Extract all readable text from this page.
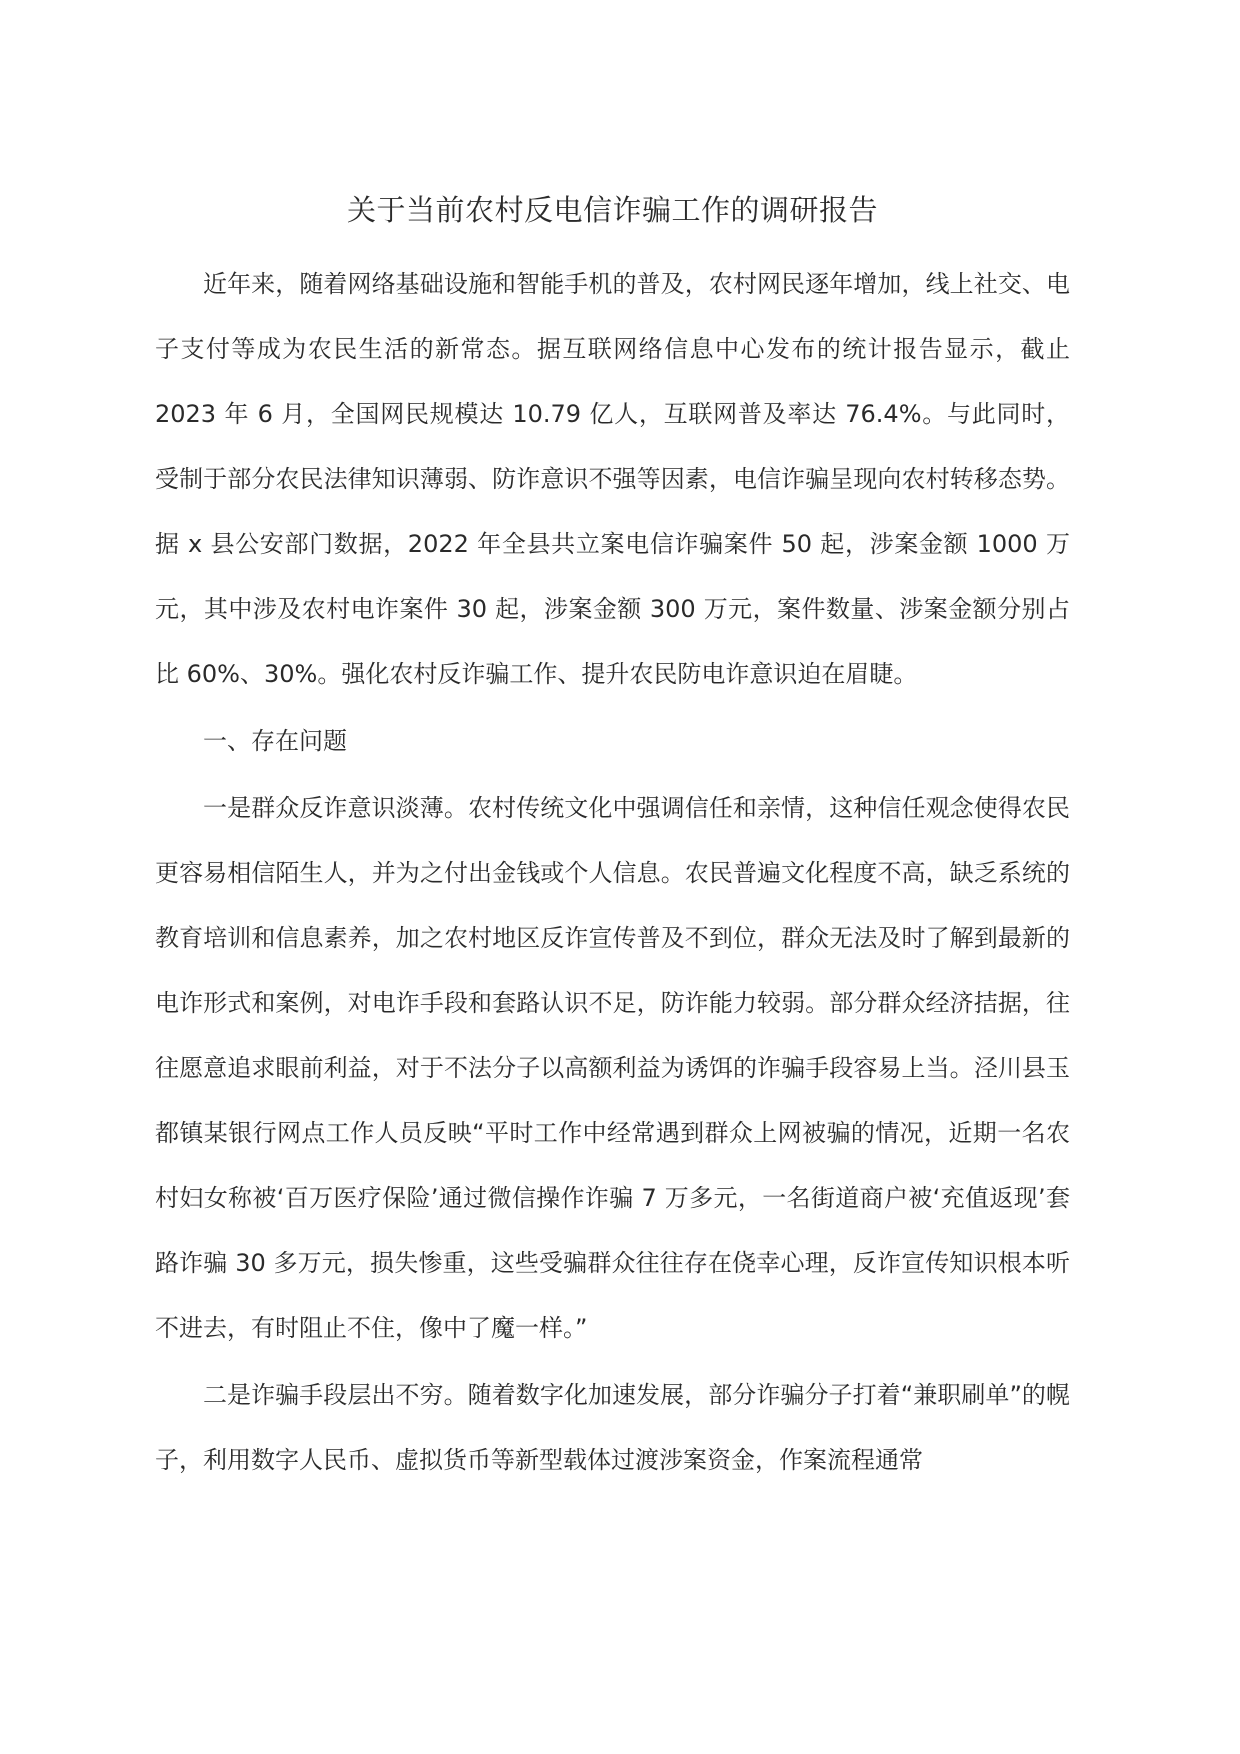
关于当前农村反电信诈骗工作的调研报告

近年来，随着网络基础设施和智能手机的普及，农村网民逐年增加，线上社交、电子支付等成为农民生活的新常态。据互联网络信息中心发布的统计报告显示，截止 2023 年 6 月，全国网民规模达 10.79 亿人，互联网普及率达 76.4%。与此同时，受制于部分农民法律知识薄弱、防诈意识不强等因素，电信诈骗呈现向农村转移态势。据 x 县公安部门数据，2022 年全县共立案电信诈骗案件 50 起，涉案金额 1000 万元，其中涉及农村电诈案件 30 起，涉案金额 300 万元，案件数量、涉案金额分别占比 60%、30%。强化农村反诈骗工作、提升农民防电诈意识迫在眉睫。

一、存在问题

一是群众反诈意识淡薄。农村传统文化中强调信任和亲情，这种信任观念使得农民更容易相信陌生人，并为之付出金钱或个人信息。农民普遍文化程度不高，缺乏系统的教育培训和信息素养，加之农村地区反诈宣传普及不到位，群众无法及时了解到最新的电诈形式和案例，对电诈手段和套路认识不足，防诈能力较弱。部分群众经济拮据，往往愿意追求眼前利益，对于不法分子以高额利益为诱饵的诈骗手段容易上当。泾川县玉都镇某银行网点工作人员反映“平时工作中经常遇到群众上网被骗的情况，近期一名农村妇女称被‘百万医疗保险’通过微信操作诈骗 7 万多元，一名街道商户被‘充值返现’套路诈骗 30 多万元，损失惨重，这些受骗群众往往存在侥幸心理，反诈宣传知识根本听不进去，有时阻止不住，像中了魔一样。”

二是诈骗手段层出不穷。随着数字化加速发展，部分诈骗分子打着“兼职刷单”的幌子，利用数字人民币、虚拟货币等新型载体过渡涉案资金，作案流程通常
